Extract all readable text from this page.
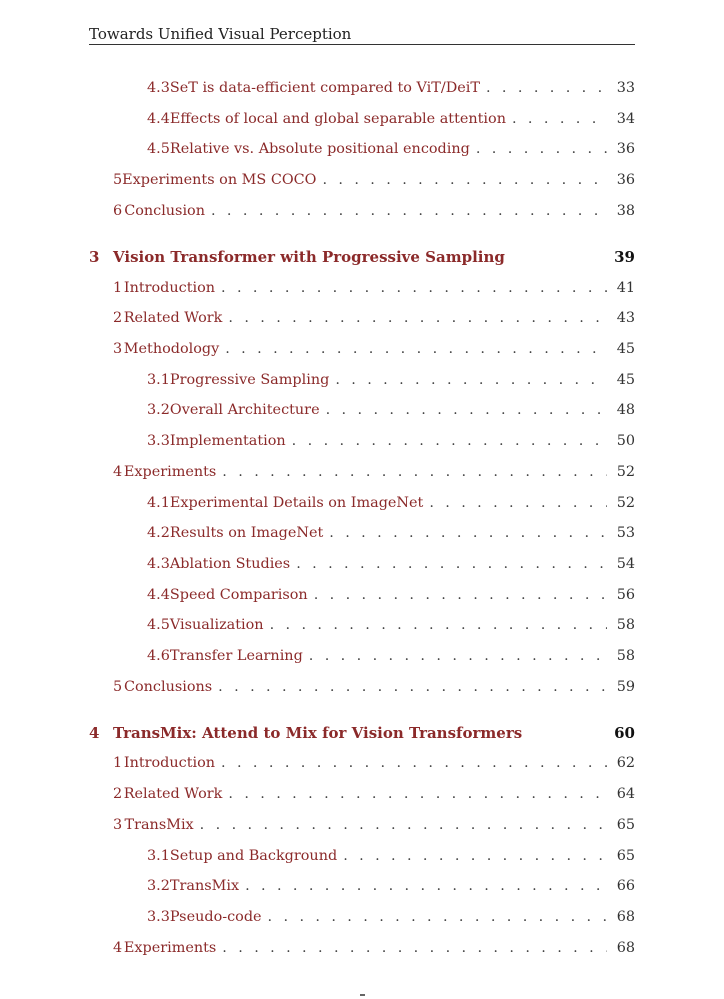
Towards Unified Visual Perception
4.3 SeT is data-efficient compared to ViT/DeiT . . .	33
4.4 Effects of local and global separable attention . . .	34
4.5 Relative vs. Absolute positional encoding . . .	36
5 Experiments on MS COCO . . .	36
6 Conclusion . . .	38
3 Vision Transformer with Progressive Sampling	39
1 Introduction . . .	41
2 Related Work . . .	43
3 Methodology . . .	45
3.1 Progressive Sampling . . .	45
3.2 Overall Architecture . . .	48
3.3 Implementation . . .	50
4 Experiments . . .	52
4.1 Experimental Details on ImageNet . . .	52
4.2 Results on ImageNet . . .	53
4.3 Ablation Studies . . .	54
4.4 Speed Comparison . . .	56
4.5 Visualization . . .	58
4.6 Transfer Learning . . .	58
5 Conclusions . . .	59
4 TransMix: Attend to Mix for Vision Transformers	60
1 Introduction . . .	62
2 Related Work . . .	64
3 TransMix . . .	65
3.1 Setup and Background . . .	65
3.2 TransMix . . .	66
3.3 Pseudo-code . . .	68
4 Experiments . . .	68
